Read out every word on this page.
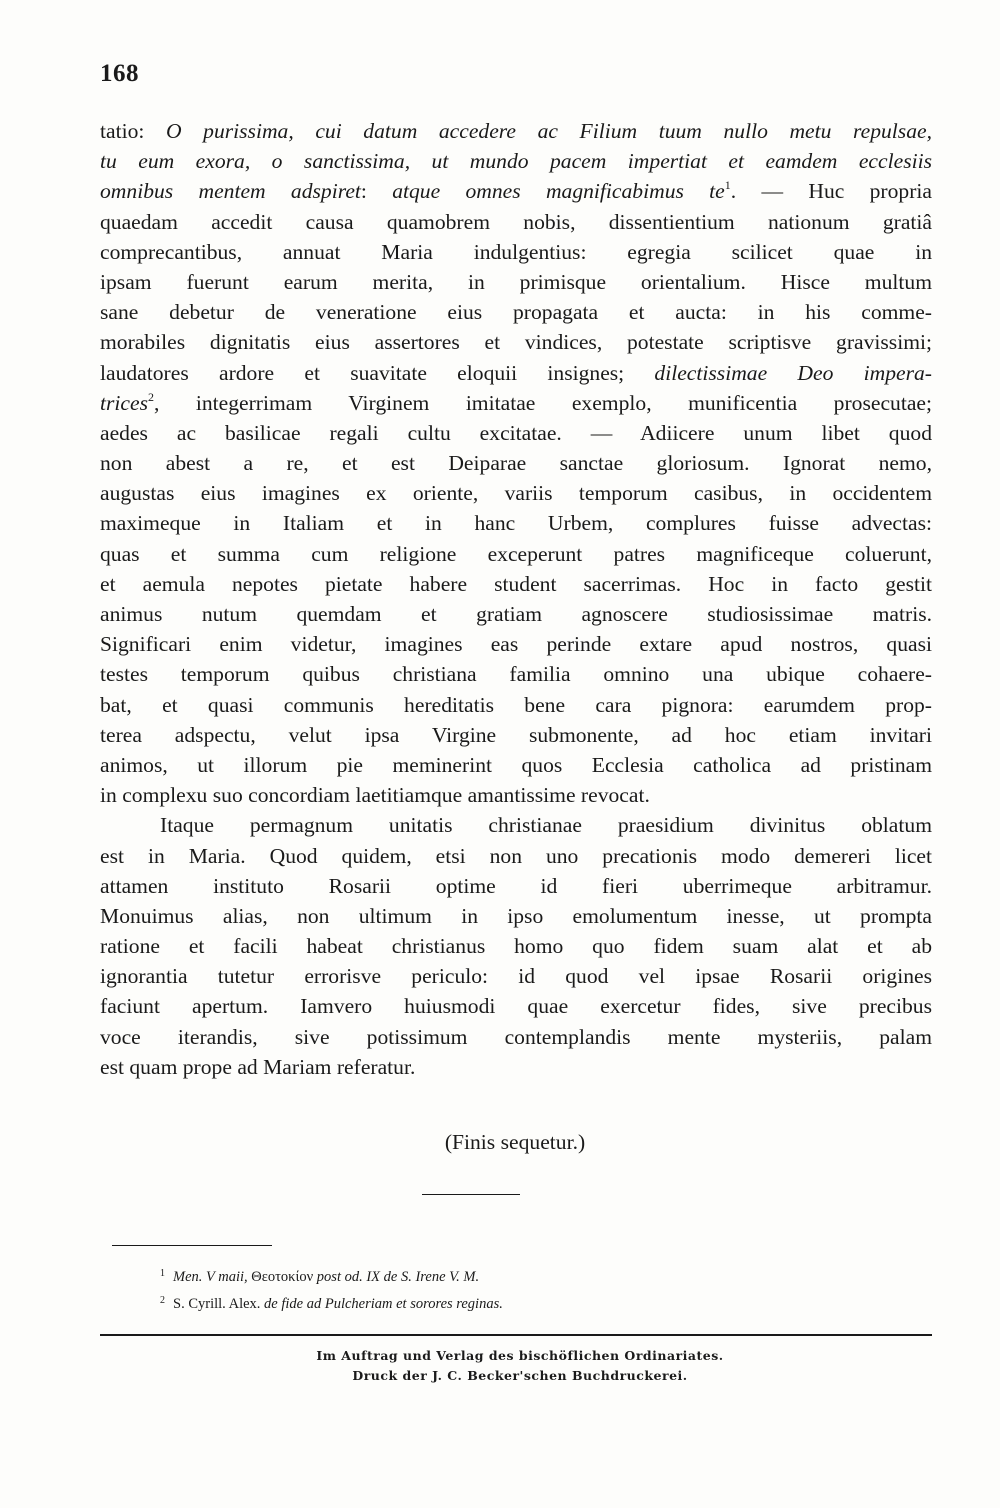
168
tatio: O purissima, cui datum accedere ac Filium tuum nullo metu repulsae,
tu eum exora, o sanctissima, ut mundo pacem impertiat et eamdem ecclesiis
omnibus mentem adspiret: atque omnes magnificabimus $te^1$. — Huc propria
quaedam accedit causa quamobrem nobis, dissentientium nationum gratiâ
comprecantibus, annuat Maria indulgentius: egregia scilicet quae in
ipsam fuerunt earum merita, in primisque orientalium. Hisce multum
sane debetur de veneratione eius propagata et aucta: in his comme-
morabiles dignitatis eius assertores et vindices, potestate scriptisve gravissimi;
laudatores ardore et suavitate eloquii insignes; dilectissimae Deo impera-
trices$^2$, integerrimam Virginem imitatae exemplo, munificentia prosecutae;
aedes ac basilicae regali cultu excitatae. — Adiicere unum libet quod
non abest a re, et est Deiparae sanctae gloriosum. Ignorat nemo,
augustas eius imagines ex oriente, variis temporum casibus, in occidentem
maximeque in Italiam et in hanc Urbem, complures fuisse advectas:
quas et summa cum religione exceperunt patres magnificeque coluerunt,
et aemula nepotes pietate habere student sacerrimas. Hoc in facto gestit
animus nutum quemdam et gratiam agnoscere studiosissimae matris.
Significari enim videtur, imagines eas perinde extare apud nostros, quasi
testes temporum quibus christiana familia omnino una ubique cohaere-
bat, et quasi communis hereditatis bene cara pignora: earumdem prop-
terea adspectu, velut ipsa Virgine submonente, ad hoc etiam invitari
animos, ut illorum pie meminerint quos Ecclesia catholica ad pristinam
in complexu suo concordiam laetitiamque amantissime revocat.
Itaque permagnum unitatis christianae praesidium divinitus oblatum
est in Maria. Quod quidem, etsi non uno precationis modo demereri licet
attamen instituto Rosarii optime id fieri uberrimeque arbitramur.
Monuimus alias, non ultimum in ipso emolumentum inesse, ut prompta
ratione et facili habeat christianus homo quo fidem suam alat et ab
ignorantia tutetur errorisve periculo: id quod vel ipsae Rosarii origines
faciunt apertum. Iamvero huiusmodi quae exercetur fides, sive precibus
voce iterandis, sive potissimum contemplandis mente mysteriis, palam
est quam prope ad Mariam referatur.
(Finis sequetur.)
$^1$ Men. V maii, Θεοτοκίον post od. IX de S. Irene V. M.
$^2$ S. Cyrill. Alex. de fide ad Pulcheriam et sorores reginas.
Im Auftrag und Verlag des bischöflichen Ordinariates.
Druck der J. C. Becker'schen Buchdruckerei.
